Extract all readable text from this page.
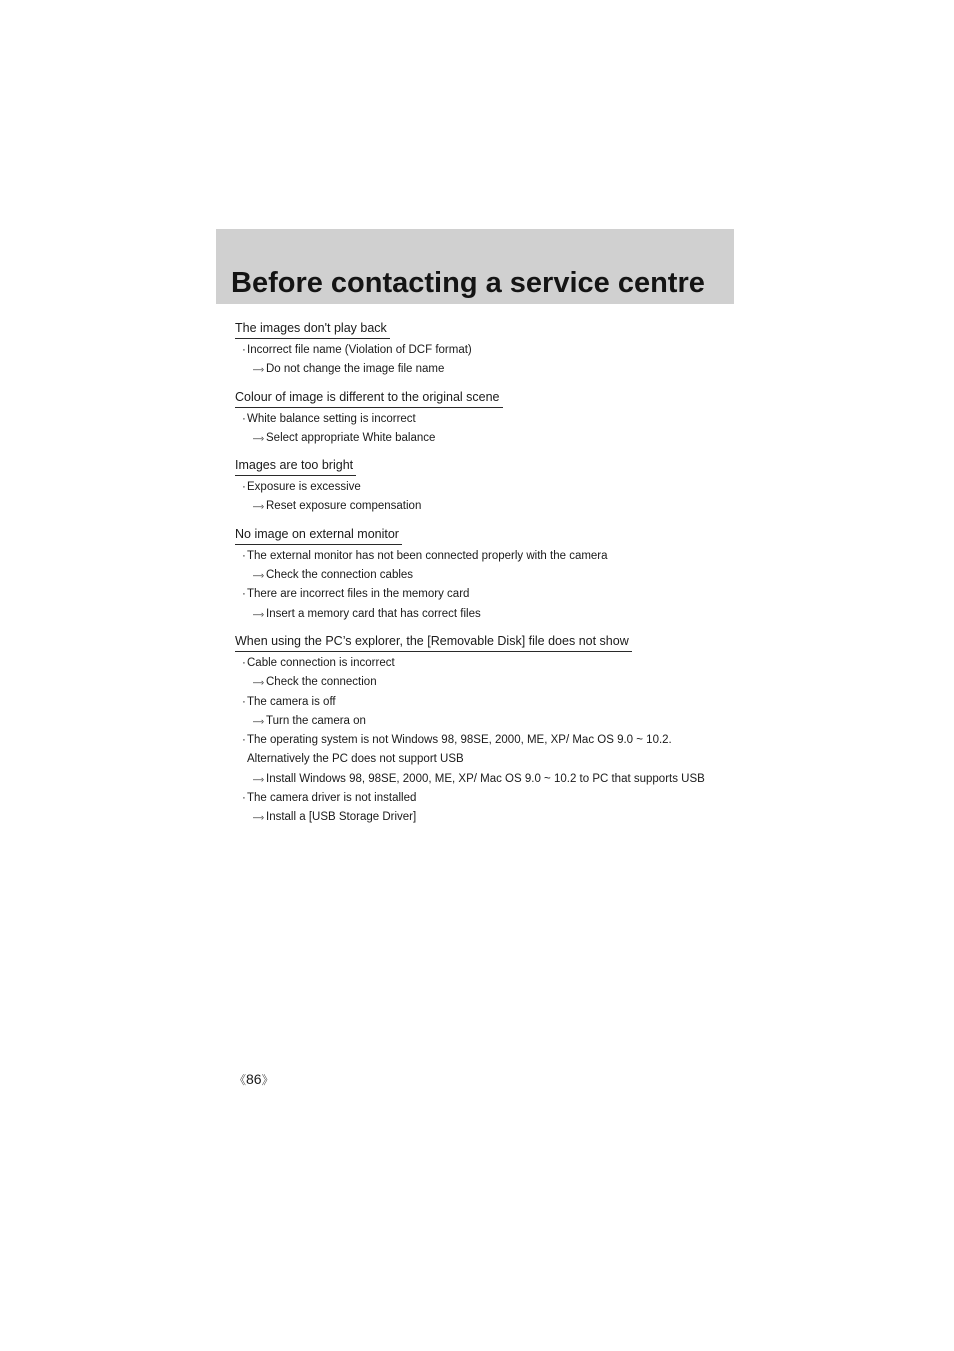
Before contacting a service centre
The images don't play back
· Incorrect file name (Violation of DCF format)
—› Do not change the image file name
Colour of image is different to the original scene
· White balance setting is incorrect
—› Select appropriate White balance
Images are too bright
· Exposure is excessive
—› Reset exposure compensation
No image on external monitor
· The external monitor has not been connected properly with the camera
—› Check the connection cables
· There are incorrect files in the memory card
—› Insert a memory card that has correct files
When using the PC’s explorer, the [Removable Disk] file does not show
· Cable connection is incorrect
—› Check the connection
· The camera is off
—› Turn the camera on
· The operating system is not Windows 98, 98SE, 2000, ME, XP/ Mac OS 9.0 ~ 10.2.
Alternatively the PC does not support USB
—› Install Windows 98, 98SE, 2000, ME, XP/ Mac OS 9.0 ~ 10.2 to PC that supports USB
· The camera driver is not installed
—› Install a [USB Storage Driver]
《86》
